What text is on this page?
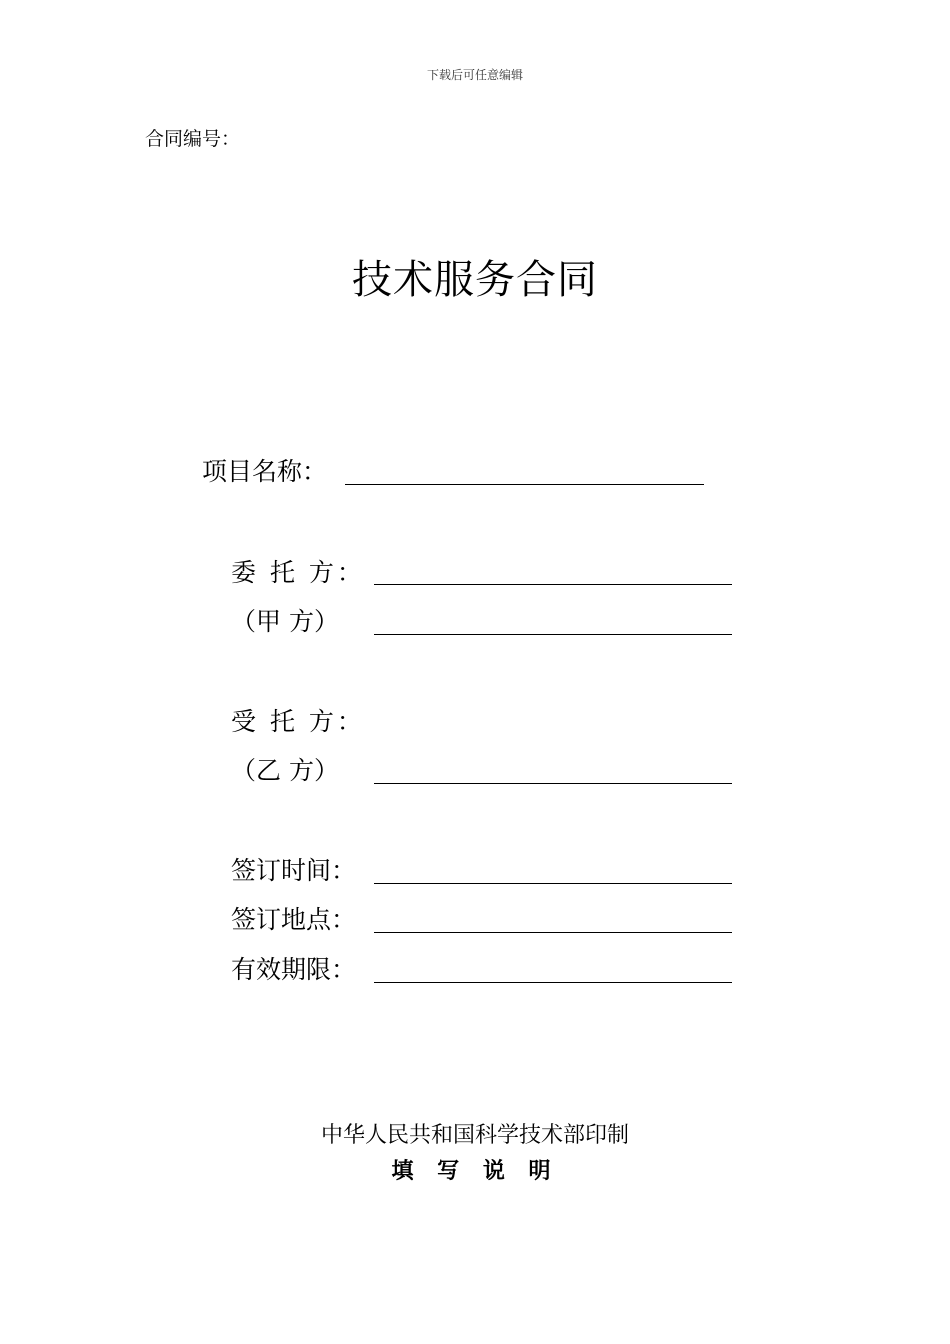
下载后可任意编辑
合同编号：
技术服务合同
项目名称：
委 托 方：
（甲 方）
受 托 方：
（乙 方）
签订时间：
签订地点：
有效期限：
中华人民共和国科学技术部印制
填 写 说 明
